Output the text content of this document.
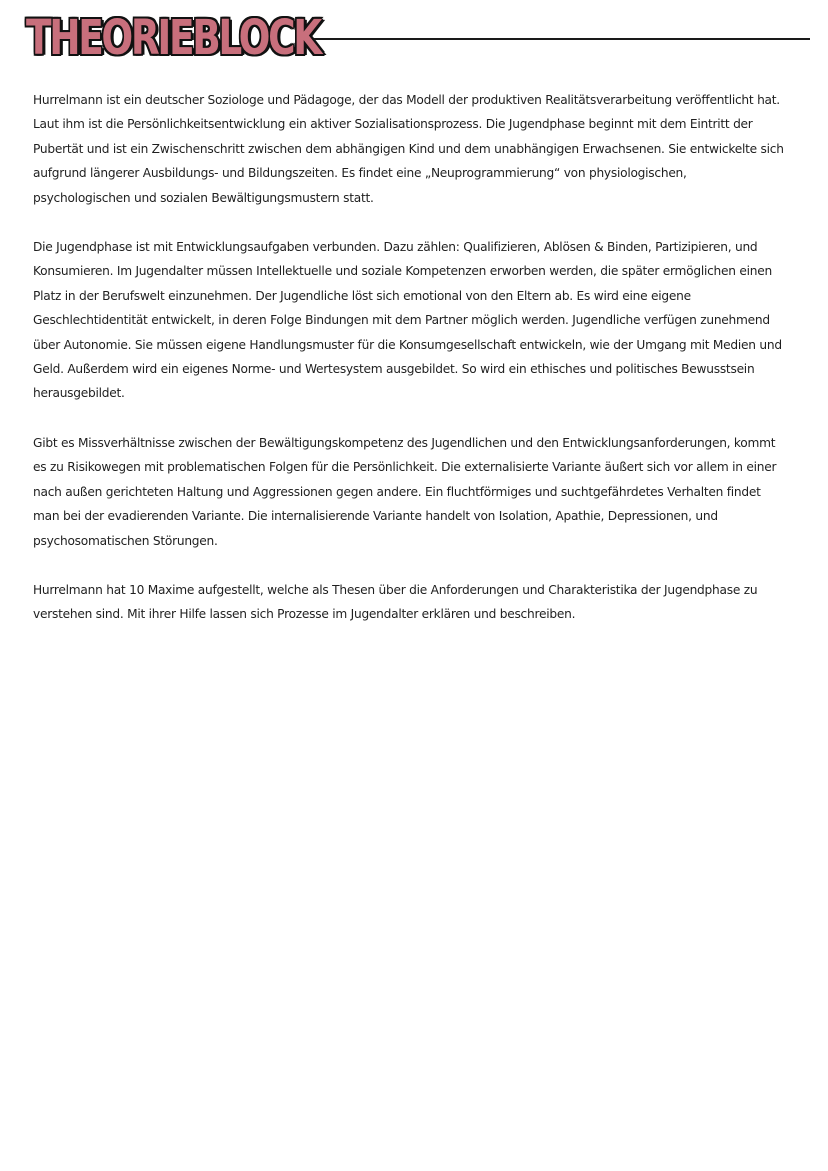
THEORIEBLOCK

Hurrelmann ist ein deutscher Soziologe und Pädagoge, der das Modell der produktiven Realitätsverarbeitung veröffentlicht hat. Laut ihm ist die Persönlichkeitsentwicklung ein aktiver Sozialisationsprozess. Die Jugendphase beginnt mit dem Eintritt der Pubertät und ist ein Zwischenschritt zwischen dem abhängigen Kind und dem unabhängigen Erwachsenen. Sie entwickelte sich aufgrund längerer Ausbildungs- und Bildungszeiten. Es findet eine „Neuprogrammierung“ von physiologischen, psychologischen und sozialen Bewältigungsmustern statt.

Die Jugendphase ist mit Entwicklungsaufgaben verbunden. Dazu zählen: Qualifizieren, Ablösen & Binden, Partizipieren, und Konsumieren. Im Jugendalter müssen Intellektuelle und soziale Kompetenzen erworben werden, die später ermöglichen einen Platz in der Berufswelt einzunehmen. Der Jugendliche löst sich emotional von den Eltern ab. Es wird eine eigene Geschlechtidentität entwickelt, in deren Folge Bindungen mit dem Partner möglich werden. Jugendliche verfügen zunehmend über Autonomie. Sie müssen eigene Handlungsmuster für die Konsumgesellschaft entwickeln, wie der Umgang mit Medien und Geld. Außerdem wird ein eigenes Norme- und Wertesystem ausgebildet. So wird ein ethisches und politisches Bewusstsein herausgebildet.

Gibt es Missverhältnisse zwischen der Bewältigungskompetenz des Jugendlichen und den Entwicklungsanforderungen, kommt es zu Risikowegen mit problematischen Folgen für die Persönlichkeit. Die externalisierte Variante äußert sich vor allem in einer nach außen gerichteten Haltung und Aggressionen gegen andere. Ein fluchtförmiges und suchtgefährdetes Verhalten findet man bei der evadierenden Variante. Die internalisierende Variante handelt von Isolation, Apathie, Depressionen, und psychosomatischen Störungen.

Hurrelmann hat 10 Maxime aufgestellt, welche als Thesen über die Anforderungen und Charakteristika der Jugendphase zu verstehen sind. Mit ihrer Hilfe lassen sich Prozesse im Jugendalter erklären und beschreiben.
